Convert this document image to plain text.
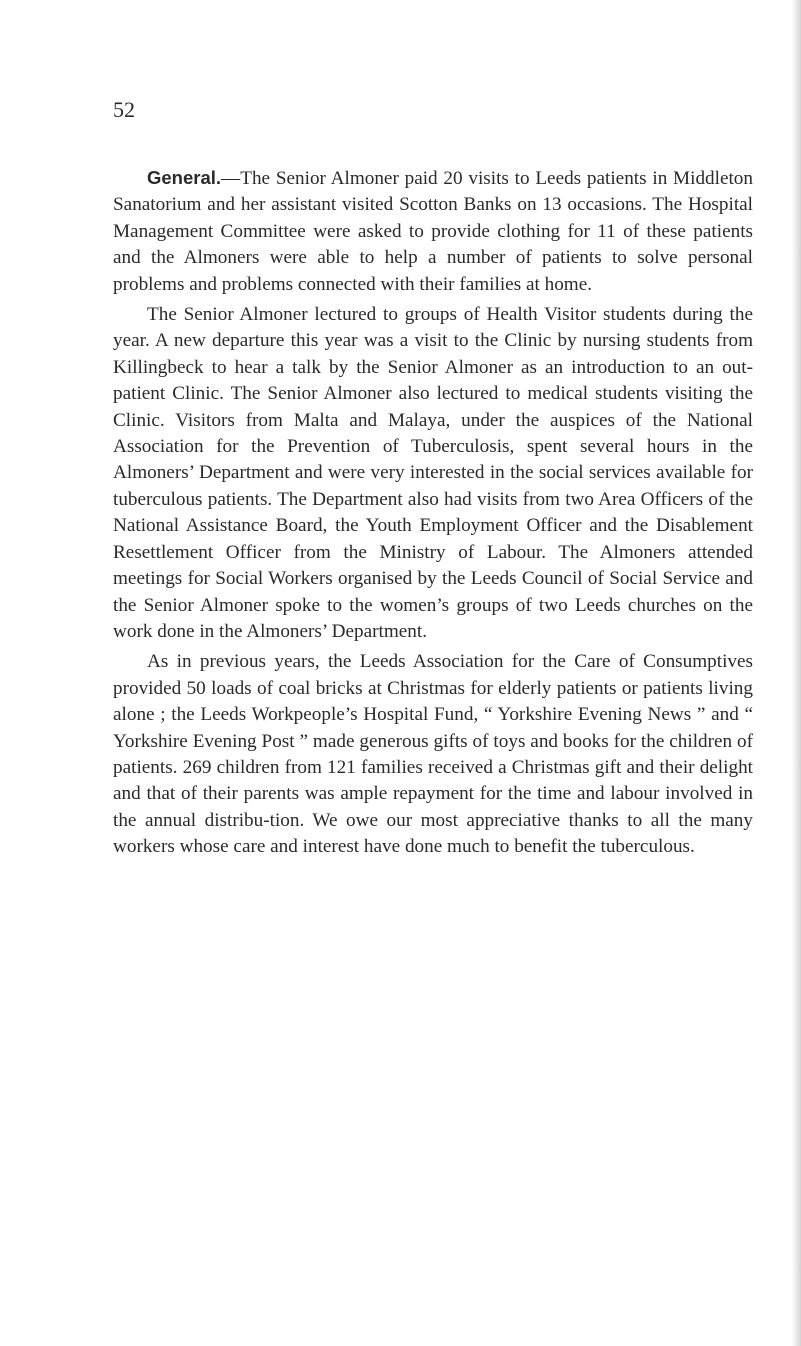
52

General.—The Senior Almoner paid 20 visits to Leeds patients in Middleton Sanatorium and her assistant visited Scotton Banks on 13 occasions. The Hospital Management Committee were asked to provide clothing for 11 of these patients and the Almoners were able to help a number of patients to solve personal problems and problems connected with their families at home.

The Senior Almoner lectured to groups of Health Visitor students during the year. A new departure this year was a visit to the Clinic by nursing students from Killingbeck to hear a talk by the Senior Almoner as an introduction to an out-patient Clinic. The Senior Almoner also lectured to medical students visiting the Clinic. Visitors from Malta and Malaya, under the auspices of the National Association for the Prevention of Tuberculosis, spent several hours in the Almoners’ Department and were very interested in the social services available for tuberculous patients. The Department also had visits from two Area Officers of the National Assistance Board, the Youth Employment Officer and the Disablement Resettlement Officer from the Ministry of Labour. The Almoners attended meetings for Social Workers organised by the Leeds Council of Social Service and the Senior Almoner spoke to the women’s groups of two Leeds churches on the work done in the Almoners’ Department.

As in previous years, the Leeds Association for the Care of Consumptives provided 50 loads of coal bricks at Christmas for elderly patients or patients living alone ; the Leeds Workpeople’s Hospital Fund, “ Yorkshire Evening News ” and “ Yorkshire Evening Post ” made generous gifts of toys and books for the children of patients. 269 children from 121 families received a Christmas gift and their delight and that of their parents was ample repayment for the time and labour involved in the annual distribu-tion. We owe our most appreciative thanks to all the many workers whose care and interest have done much to benefit the tuberculous.
